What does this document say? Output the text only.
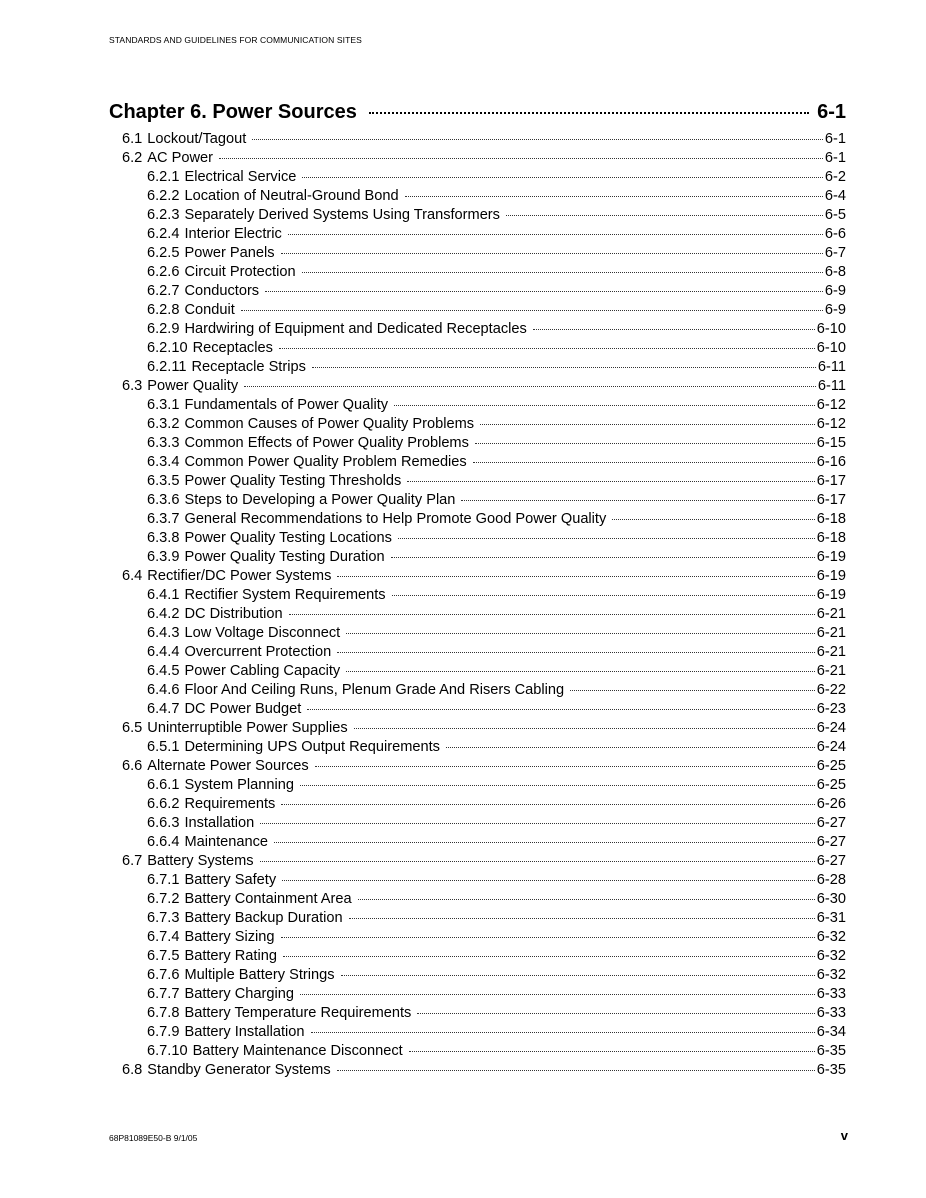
STANDARDS AND GUIDELINES FOR COMMUNICATION SITES
Chapter 6. Power Sources	6-1
6.1 Lockout/Tagout	6-1
6.2 AC Power	6-1
6.2.1 Electrical Service	6-2
6.2.2 Location of Neutral-Ground Bond	6-4
6.2.3 Separately Derived Systems Using Transformers	6-5
6.2.4 Interior Electric	6-6
6.2.5 Power Panels	6-7
6.2.6 Circuit Protection	6-8
6.2.7 Conductors	6-9
6.2.8 Conduit	6-9
6.2.9 Hardwiring of Equipment and Dedicated Receptacles	6-10
6.2.10 Receptacles	6-10
6.2.11 Receptacle Strips	6-11
6.3 Power Quality	6-11
6.3.1 Fundamentals of Power Quality	6-12
6.3.2 Common Causes of Power Quality Problems	6-12
6.3.3 Common Effects of Power Quality Problems	6-15
6.3.4 Common Power Quality Problem Remedies	6-16
6.3.5 Power Quality Testing Thresholds	6-17
6.3.6 Steps to Developing a Power Quality Plan	6-17
6.3.7 General Recommendations to Help Promote Good Power Quality	6-18
6.3.8 Power Quality Testing Locations	6-18
6.3.9 Power Quality Testing Duration	6-19
6.4 Rectifier/DC Power Systems	6-19
6.4.1 Rectifier System Requirements	6-19
6.4.2 DC Distribution	6-21
6.4.3 Low Voltage Disconnect	6-21
6.4.4 Overcurrent Protection	6-21
6.4.5 Power Cabling Capacity	6-21
6.4.6 Floor And Ceiling Runs, Plenum Grade And Risers Cabling	6-22
6.4.7 DC Power Budget	6-23
6.5 Uninterruptible Power Supplies	6-24
6.5.1 Determining UPS Output Requirements	6-24
6.6 Alternate Power Sources	6-25
6.6.1 System Planning	6-25
6.6.2 Requirements	6-26
6.6.3 Installation	6-27
6.6.4 Maintenance	6-27
6.7 Battery Systems	6-27
6.7.1 Battery Safety	6-28
6.7.2 Battery Containment Area	6-30
6.7.3 Battery Backup Duration	6-31
6.7.4 Battery Sizing	6-32
6.7.5 Battery Rating	6-32
6.7.6 Multiple Battery Strings	6-32
6.7.7 Battery Charging	6-33
6.7.8 Battery Temperature Requirements	6-33
6.7.9 Battery Installation	6-34
6.7.10 Battery Maintenance Disconnect	6-35
6.8 Standby Generator Systems	6-35
68P81089E50-B 9/1/05	v
